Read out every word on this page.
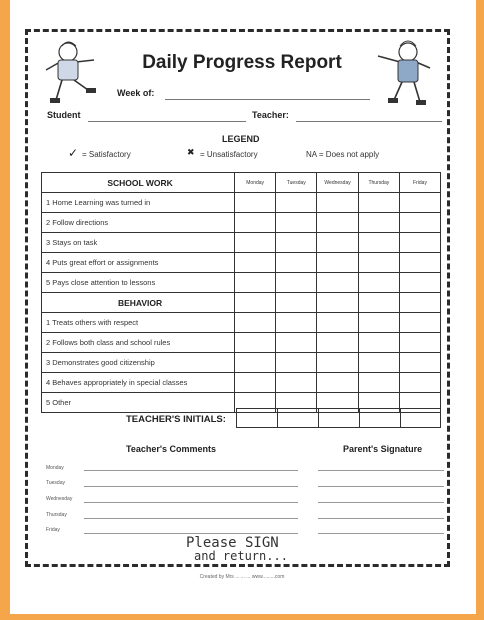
Daily Progress Report
Week of:
Student	Teacher:
LEGEND
✓ = Satisfactory	✖ = Unsatisfactory	NA = Does not apply
SCHOOL WORK	Monday	Tuesday	Wednesday	Thursday	Friday
1 Home Learning was turned in					
2 Follow directions					
3 Stays on task					
4 Puts great effort or assignments					
5 Pays close attention to lessons					
BEHAVIOR					
1 Treats others with respect					
2 Follows both class and school rules					
3 Demonstrates good citizenship					
4 Behaves appropriately in special classes					
5 Other					
TEACHER'S INITIALS:
Teacher's Comments	Parent's Signature
Monday
Tuesday
Wednesday
Thursday
Friday
Please SIGN
and return...
Created by Mrs ... ... ... www.........com
